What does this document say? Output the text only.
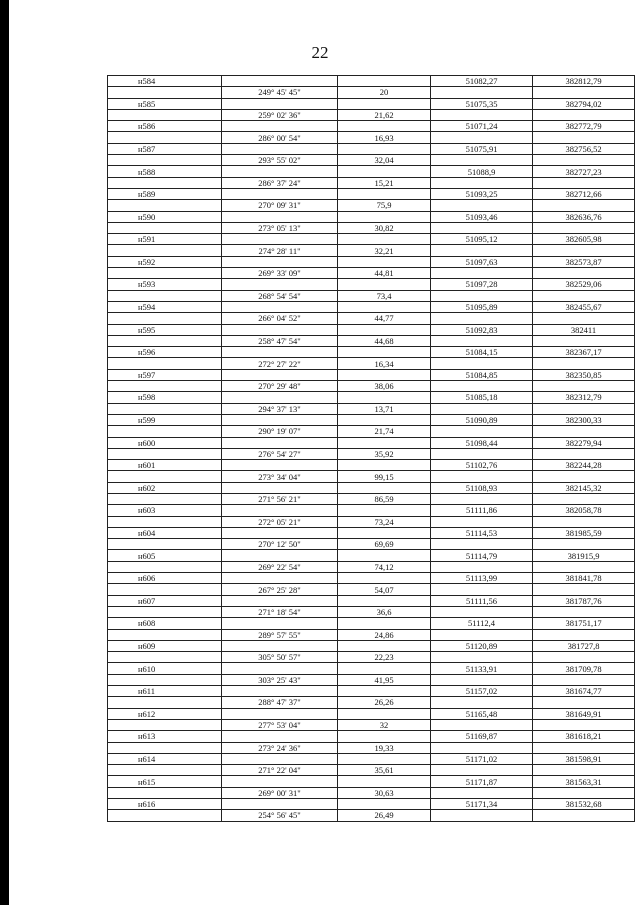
22
н584			51082,27	382812,79
	249° 45' 45"	20		
н585			51075,35	382794,02
	259° 02' 36"	21,62		
н586			51071,24	382772,79
	286° 00' 54"	16,93		
н587			51075,91	382756,52
	293° 55' 02"	32,04		
н588			51088,9	382727,23
	286° 37' 24"	15,21		
н589			51093,25	382712,66
	270° 09' 31"	75,9		
н590			51093,46	382636,76
	273° 05' 13"	30,82		
н591			51095,12	382605,98
	274° 28' 11"	32,21		
н592			51097,63	382573,87
	269° 33' 09"	44,81		
н593			51097,28	382529,06
	268° 54' 54"	73,4		
н594			51095,89	382455,67
	266° 04' 52"	44,77		
н595			51092,83	382411
	258° 47' 54"	44,68		
н596			51084,15	382367,17
	272° 27' 22"	16,34		
н597			51084,85	382350,85
	270° 29' 48"	38,06		
н598			51085,18	382312,79
	294° 37' 13"	13,71		
н599			51090,89	382300,33
	290° 19' 07"	21,74		
н600			51098,44	382279,94
	276° 54' 27"	35,92		
н601			51102,76	382244,28
	273° 34' 04"	99,15		
н602			51108,93	382145,32
	271° 56' 21"	86,59		
н603			51111,86	382058,78
	272° 05' 21"	73,24		
н604			51114,53	381985,59
	270° 12' 50"	69,69		
н605			51114,79	381915,9
	269° 22' 54"	74,12		
н606			51113,99	381841,78
	267° 25' 28"	54,07		
н607			51111,56	381787,76
	271° 18' 54"	36,6		
н608			51112,4	381751,17
	289° 57' 55"	24,86		
н609			51120,89	381727,8
	305° 50' 57"	22,23		
н610			51133,91	381709,78
	303° 25' 43"	41,95		
н611			51157,02	381674,77
	288° 47' 37"	26,26		
н612			51165,48	381649,91
	277° 53' 04"	32		
н613			51169,87	381618,21
	273° 24' 36"	19,33		
н614			51171,02	381598,91
	271° 22' 04"	35,61		
н615			51171,87	381563,31
	269° 00' 31"	30,63		
н616			51171,34	381532,68
	254° 56' 45"	26,49		
